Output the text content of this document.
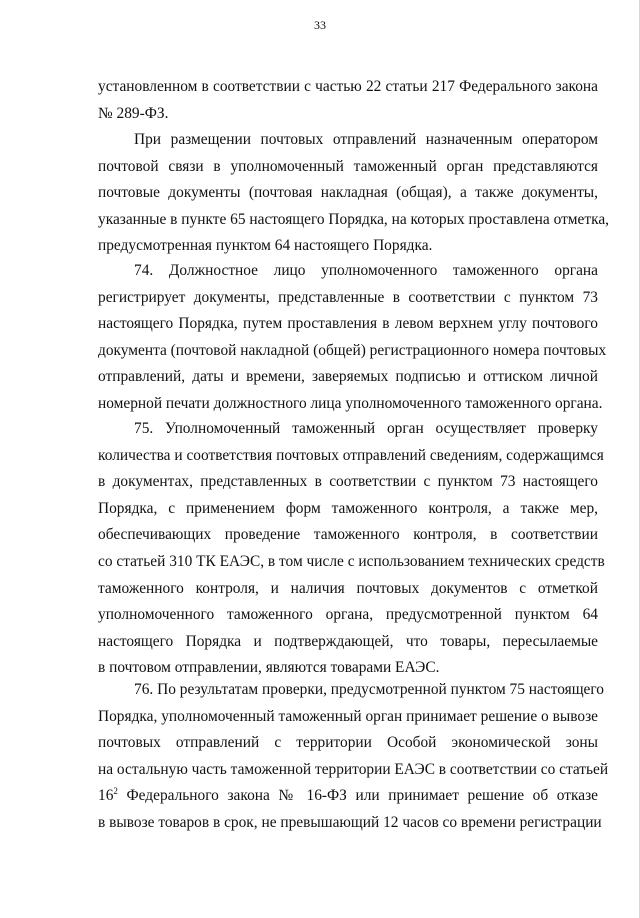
33
установленном в соответствии с частью 22 статьи 217 Федерального закона
№ 289-ФЗ.
При размещении почтовых отправлений назначенным оператором
почтовой связи в уполномоченный таможенный орган представляются
почтовые документы (почтовая накладная (общая), а также документы,
указанные в пункте 65 настоящего Порядка, на которых проставлена отметка,
предусмотренная пунктом 64 настоящего Порядка.
74. Должностное лицо уполномоченного таможенного органа
регистрирует документы, представленные в соответствии с пунктом 73
настоящего Порядка, путем проставления в левом верхнем углу почтового
документа (почтовой накладной (общей) регистрационного номера почтовых
отправлений, даты и времени, заверяемых подписью и оттиском личной
номерной печати должностного лица уполномоченного таможенного органа.
75. Уполномоченный таможенный орган осуществляет проверку
количества и соответствия почтовых отправлений сведениям, содержащимся
в документах, представленных в соответствии с пунктом 73 настоящего
Порядка, с применением форм таможенного контроля, а также мер,
обеспечивающих проведение таможенного контроля, в соответствии
со статьей 310 ТК ЕАЭС, в том числе с использованием технических средств
таможенного контроля, и наличия почтовых документов с отметкой
уполномоченного таможенного органа, предусмотренной пунктом 64
настоящего Порядка и подтверждающей, что товары, пересылаемые
в почтовом отправлении, являются товарами ЕАЭС.
76. По результатам проверки, предусмотренной пунктом 75 настоящего
Порядка, уполномоченный таможенный орган принимает решение о вывозе
почтовых отправлений с территории Особой экономической зоны
на остальную часть таможенной территории ЕАЭС в соответствии со статьей
$16^2$ Федерального закона № 16-ФЗ или принимает решение об отказе
в вывозе товаров в срок, не превышающий 12 часов со времени регистрации
